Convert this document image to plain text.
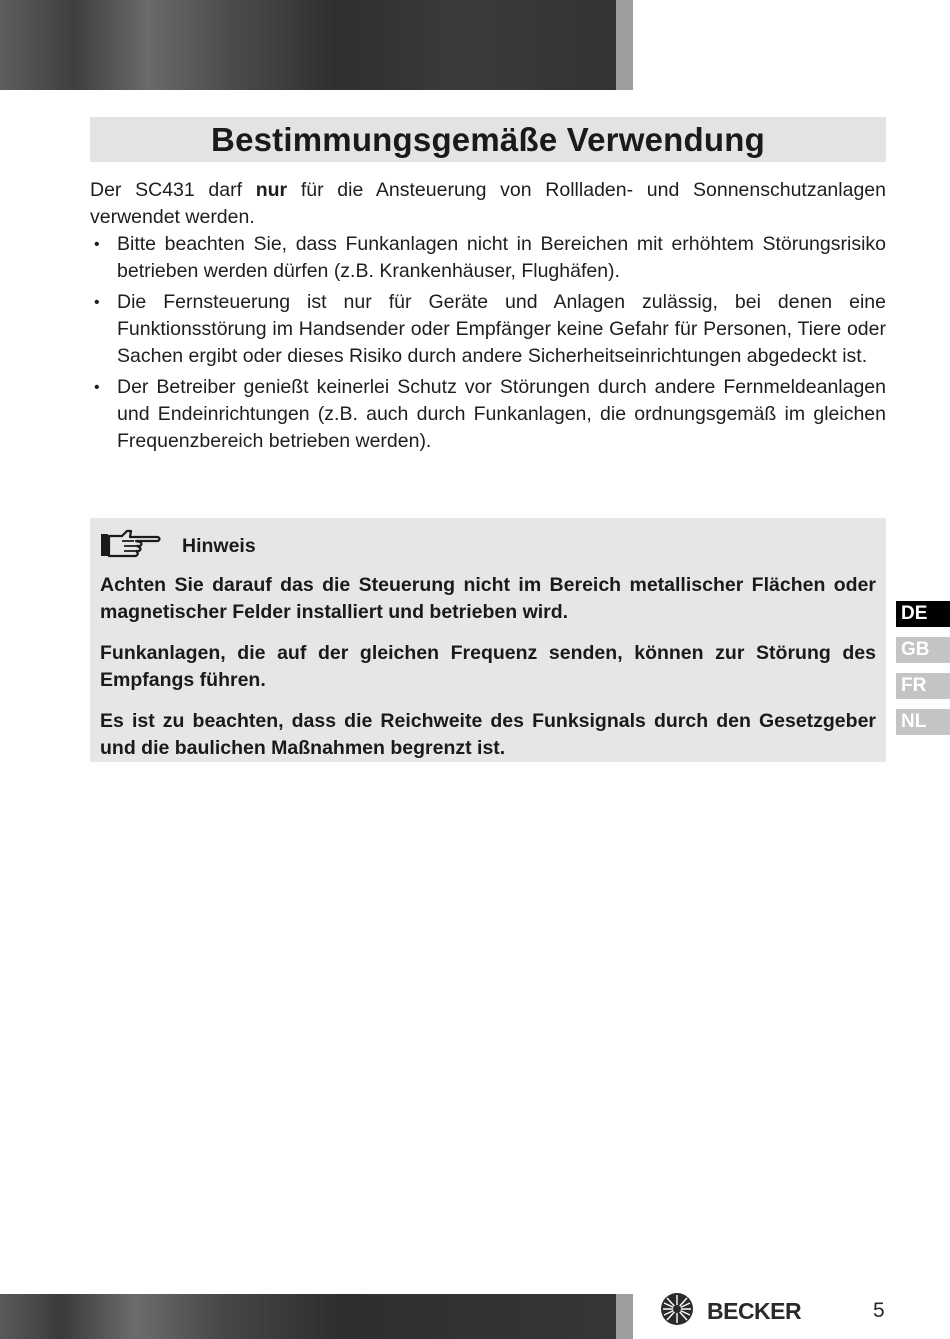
Bestimmungsgemäße Verwendung

Der SC431 darf nur für die Ansteuerung von Rollladen- und Sonnenschutzanlagen verwendet werden.

• Bitte beachten Sie, dass Funkanlagen nicht in Bereichen mit erhöhtem Störungsrisiko betrieben werden dürfen (z.B. Krankenhäuser, Flughäfen).
• Die Fernsteuerung ist nur für Geräte und Anlagen zulässig, bei denen eine Funktionsstörung im Handsender oder Empfänger keine Gefahr für Personen, Tiere oder Sachen ergibt oder dieses Risiko durch andere Sicherheitseinrichtungen abgedeckt ist.
• Der Betreiber genießt keinerlei Schutz vor Störungen durch andere Fernmeldeanlagen und Endeinrichtungen (z.B. auch durch Funkanlagen, die ordnungsgemäß im gleichen Frequenzbereich betrieben werden).
Hinweis

Achten Sie darauf das die Steuerung nicht im Bereich metallischer Flächen oder magnetischer Felder installiert und betrieben wird.

Funkanlagen, die auf der gleichen Frequenz senden, können zur Störung des Empfangs führen.

Es ist zu beachten, dass die Reichweite des Funksignals durch den Gesetzgeber und die baulichen Maßnahmen begrenzt ist.

DE
GB
FR
NL
BECKER	5
